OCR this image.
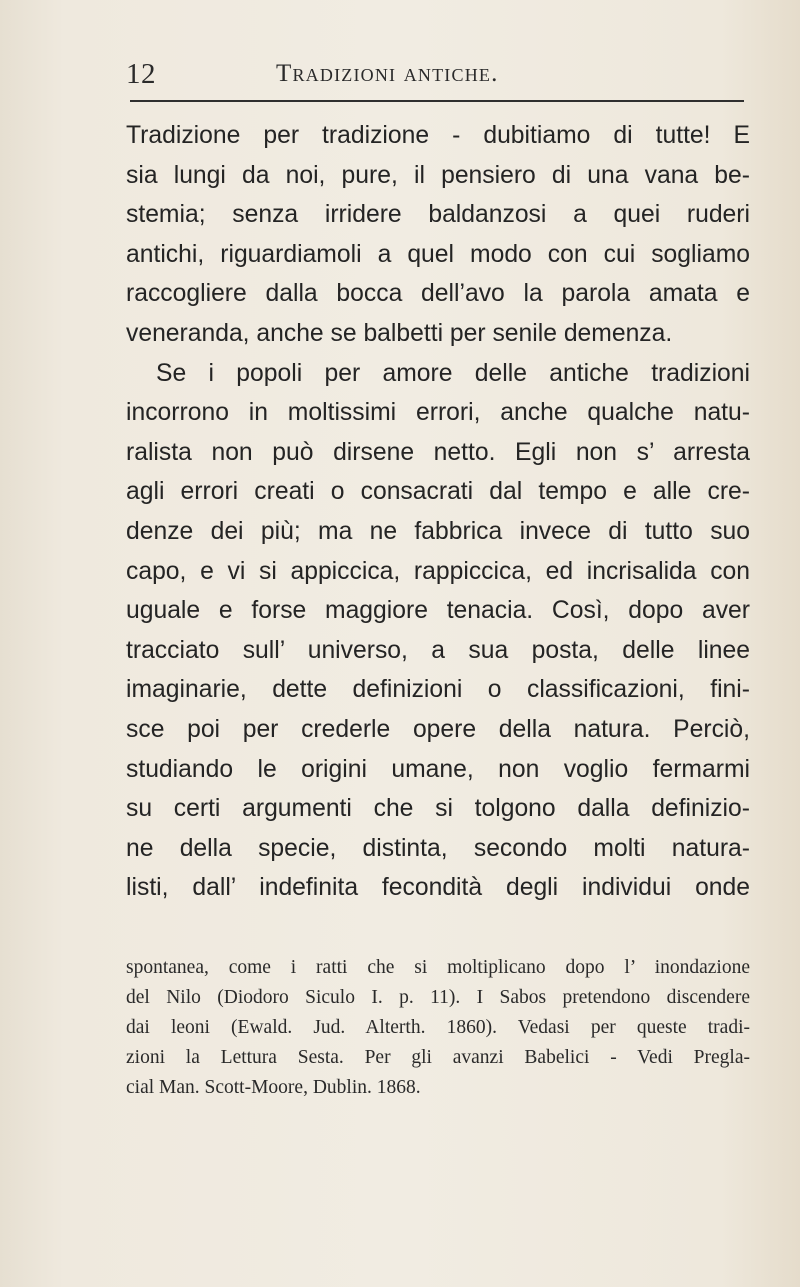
12	Tradizioni antiche.
Tradizione per tradizione - dubitiamo di tutte! E
sia lungi da noi, pure, il pensiero di una vana be-
stemia; senza irridere baldanzosi a quei ruderi
antichi, riguardiamoli a quel modo con cui sogliamo
raccogliere dalla bocca dell’avo la parola amata e
veneranda, anche se balbetti per senile demenza.
Se i popoli per amore delle antiche tradizioni
incorrono in moltissimi errori, anche qualche natu-
ralista non può dirsene netto. Egli non s’ arresta
agli errori creati o consacrati dal tempo e alle cre-
denze dei più; ma ne fabbrica invece di tutto suo
capo, e vi si appiccica, rappiccica, ed incrisalida con
uguale e forse maggiore tenacia. Così, dopo aver
tracciato sull’ universo, a sua posta, delle linee
imaginarie, dette definizioni o classificazioni, fini-
sce poi per crederle opere della natura. Perciò,
studiando le origini umane, non voglio fermarmi
su certi argumenti che si tolgono dalla definizio-
ne della specie, distinta, secondo molti natura-
listi, dall’ indefinita fecondità degli individui onde
spontanea, come i ratti che si moltiplicano dopo l’ inondazione
del Nilo (Diodoro Siculo I. p. 11). I Sabos pretendono discendere
dai leoni (Ewald. Jud. Alterth. 1860). Vedasi per queste tradi-
zioni la Lettura Sesta. Per gli avanzi Babelici - Vedi Pregla-
cial Man. Scott-Moore, Dublin. 1868.
